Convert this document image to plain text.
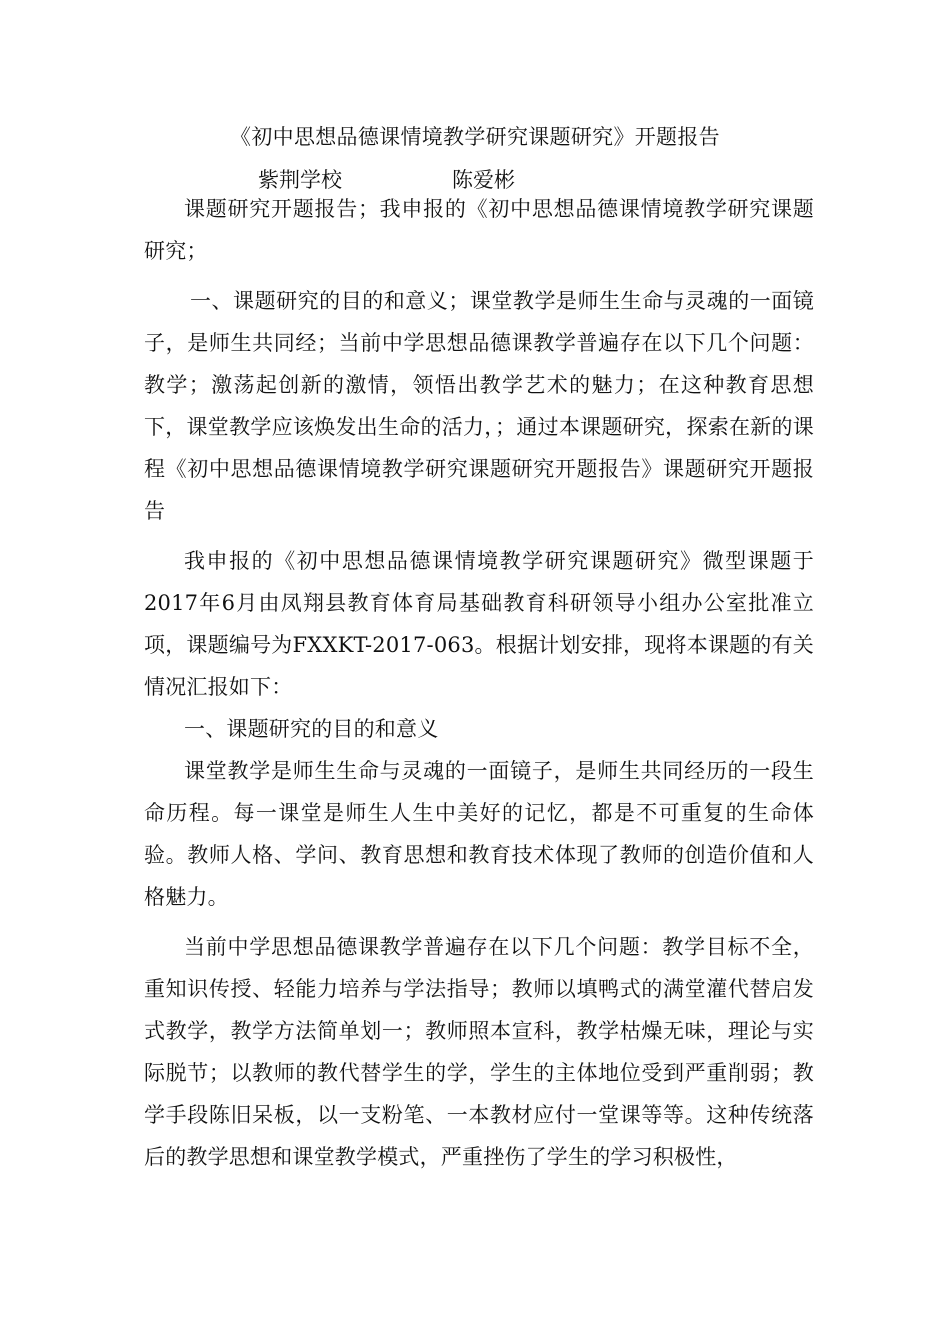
《初中思想品德课情境教学研究课题研究》开题报告

紫荆学校	陈爱彬

课题研究开题报告；我申报的《初中思想品德课情境教学研究课题研究；

一、课题研究的目的和意义；课堂教学是师生生命与灵魂的一面镜子，是师生共同经；当前中学思想品德课教学普遍存在以下几个问题：教学；激荡起创新的激情，领悟出教学艺术的魅力；在这种教育思想下，课堂教学应该焕发出生命的活力，；通过本课题研究，探索在新的课程《初中思想品德课情境教学研究课题研究开题报告》课题研究开题报告

我申报的《初中思想品德课情境教学研究课题研究》微型课题于2017年6月由凤翔县教育体育局基础教育科研领导小组办公室批准立项，课题编号为FXXKT-2017-063。根据计划安排，现将本课题的有关情况汇报如下：

一、课题研究的目的和意义

课堂教学是师生生命与灵魂的一面镜子，是师生共同经历的一段生命历程。每一课堂是师生人生中美好的记忆，都是不可重复的生命体验。教师人格、学问、教育思想和教育技术体现了教师的创造价值和人格魅力。

当前中学思想品德课教学普遍存在以下几个问题：教学目标不全，重知识传授、轻能力培养与学法指导；教师以填鸭式的满堂灌代替启发式教学，教学方法简单划一；教师照本宣科，教学枯燥无味，理论与实际脱节；以教师的教代替学生的学，学生的主体地位受到严重削弱；教学手段陈旧呆板，以一支粉笔、一本教材应付一堂课等等。这种传统落后的教学思想和课堂教学模式，严重挫伤了学生的学习积极性，
